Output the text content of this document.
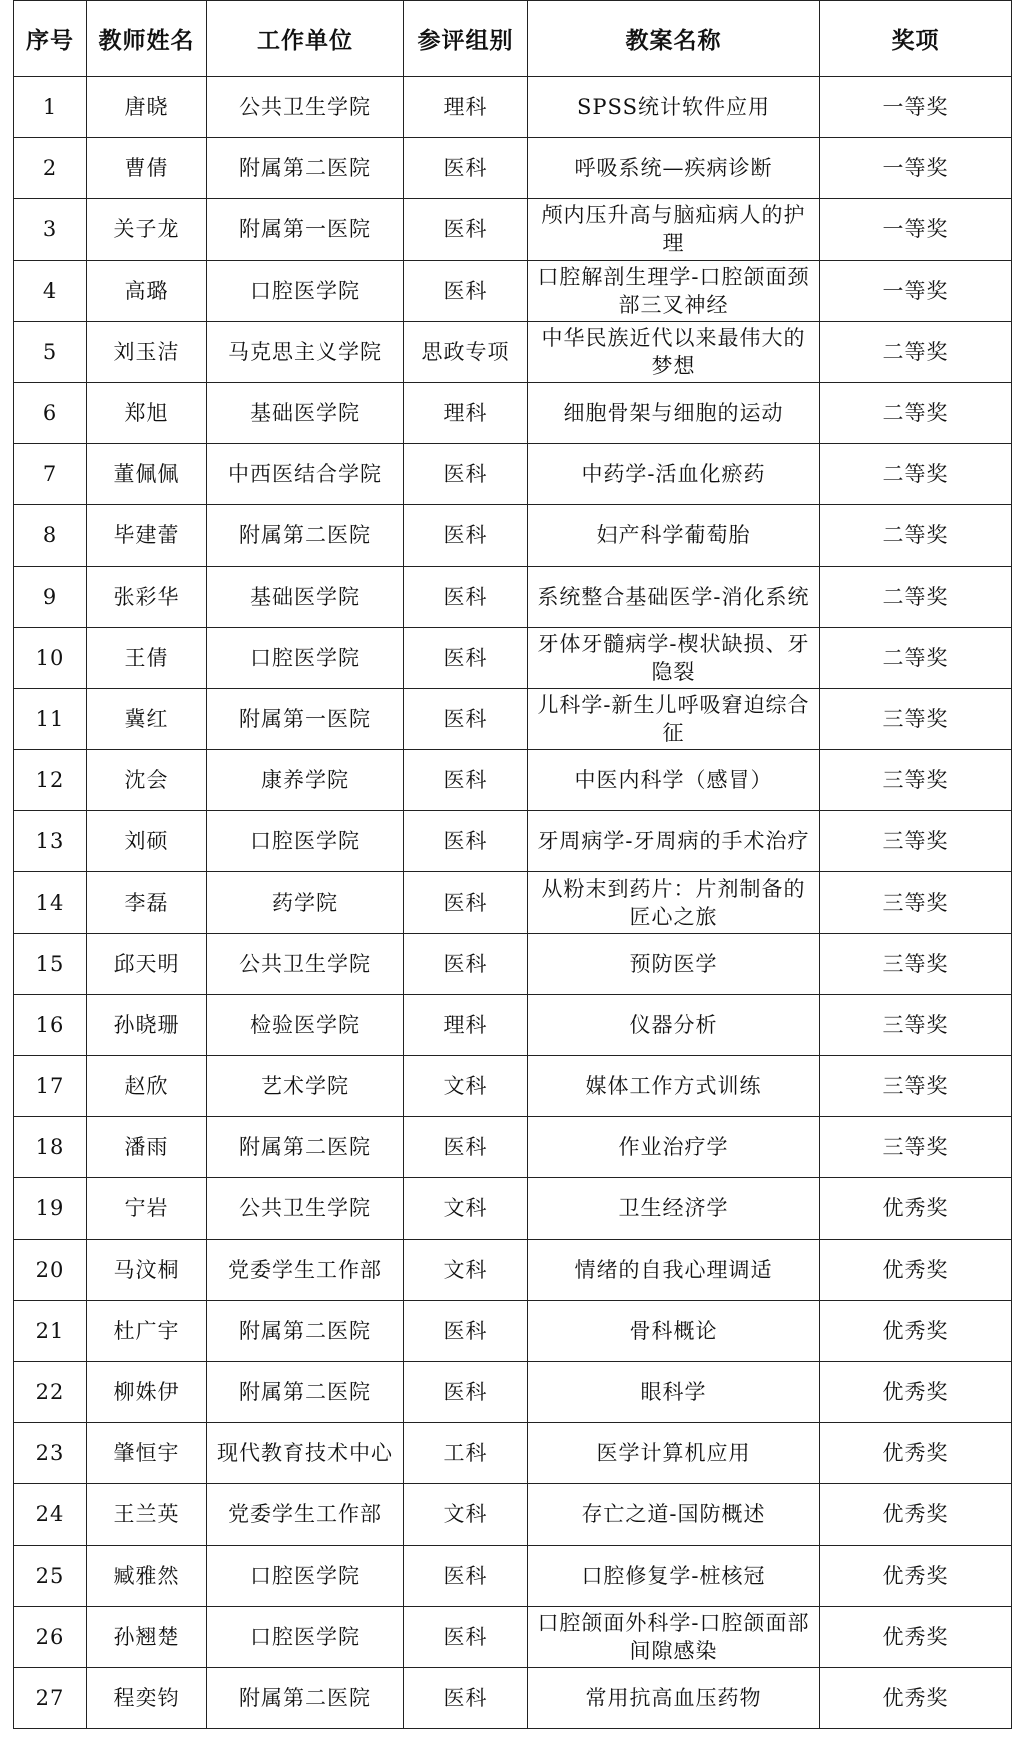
序号	教师姓名	工作单位	参评组别	教案名称	奖项
1	唐晓	公共卫生学院	理科	SPSS统计软件应用	一等奖
2	曹倩	附属第二医院	医科	呼吸系统—疾病诊断	一等奖
3	关子龙	附属第一医院	医科	颅内压升高与脑疝病人的护理	一等奖
4	高璐	口腔医学院	医科	口腔解剖生理学-口腔颌面颈部三叉神经	一等奖
5	刘玉洁	马克思主义学院	思政专项	中华民族近代以来最伟大的梦想	二等奖
6	郑旭	基础医学院	理科	细胞骨架与细胞的运动	二等奖
7	董佩佩	中西医结合学院	医科	中药学-活血化瘀药	二等奖
8	毕建蕾	附属第二医院	医科	妇产科学葡萄胎	二等奖
9	张彩华	基础医学院	医科	系统整合基础医学-消化系统	二等奖
10	王倩	口腔医学院	医科	牙体牙髓病学-楔状缺损、牙隐裂	二等奖
11	冀红	附属第一医院	医科	儿科学-新生儿呼吸窘迫综合征	三等奖
12	沈会	康养学院	医科	中医内科学（感冒）	三等奖
13	刘硕	口腔医学院	医科	牙周病学-牙周病的手术治疗	三等奖
14	李磊	药学院	医科	从粉末到药片：片剂制备的匠心之旅	三等奖
15	邱天明	公共卫生学院	医科	预防医学	三等奖
16	孙晓珊	检验医学院	理科	仪器分析	三等奖
17	赵欣	艺术学院	文科	媒体工作方式训练	三等奖
18	潘雨	附属第二医院	医科	作业治疗学	三等奖
19	宁岩	公共卫生学院	文科	卫生经济学	优秀奖
20	马汶桐	党委学生工作部	文科	情绪的自我心理调适	优秀奖
21	杜广宇	附属第二医院	医科	骨科概论	优秀奖
22	柳姝伊	附属第二医院	医科	眼科学	优秀奖
23	肇恒宇	现代教育技术中心	工科	医学计算机应用	优秀奖
24	王兰英	党委学生工作部	文科	存亡之道-国防概述	优秀奖
25	臧雅然	口腔医学院	医科	口腔修复学-桩核冠	优秀奖
26	孙翘楚	口腔医学院	医科	口腔颌面外科学-口腔颌面部间隙感染	优秀奖
27	程奕钧	附属第二医院	医科	常用抗高血压药物	优秀奖
